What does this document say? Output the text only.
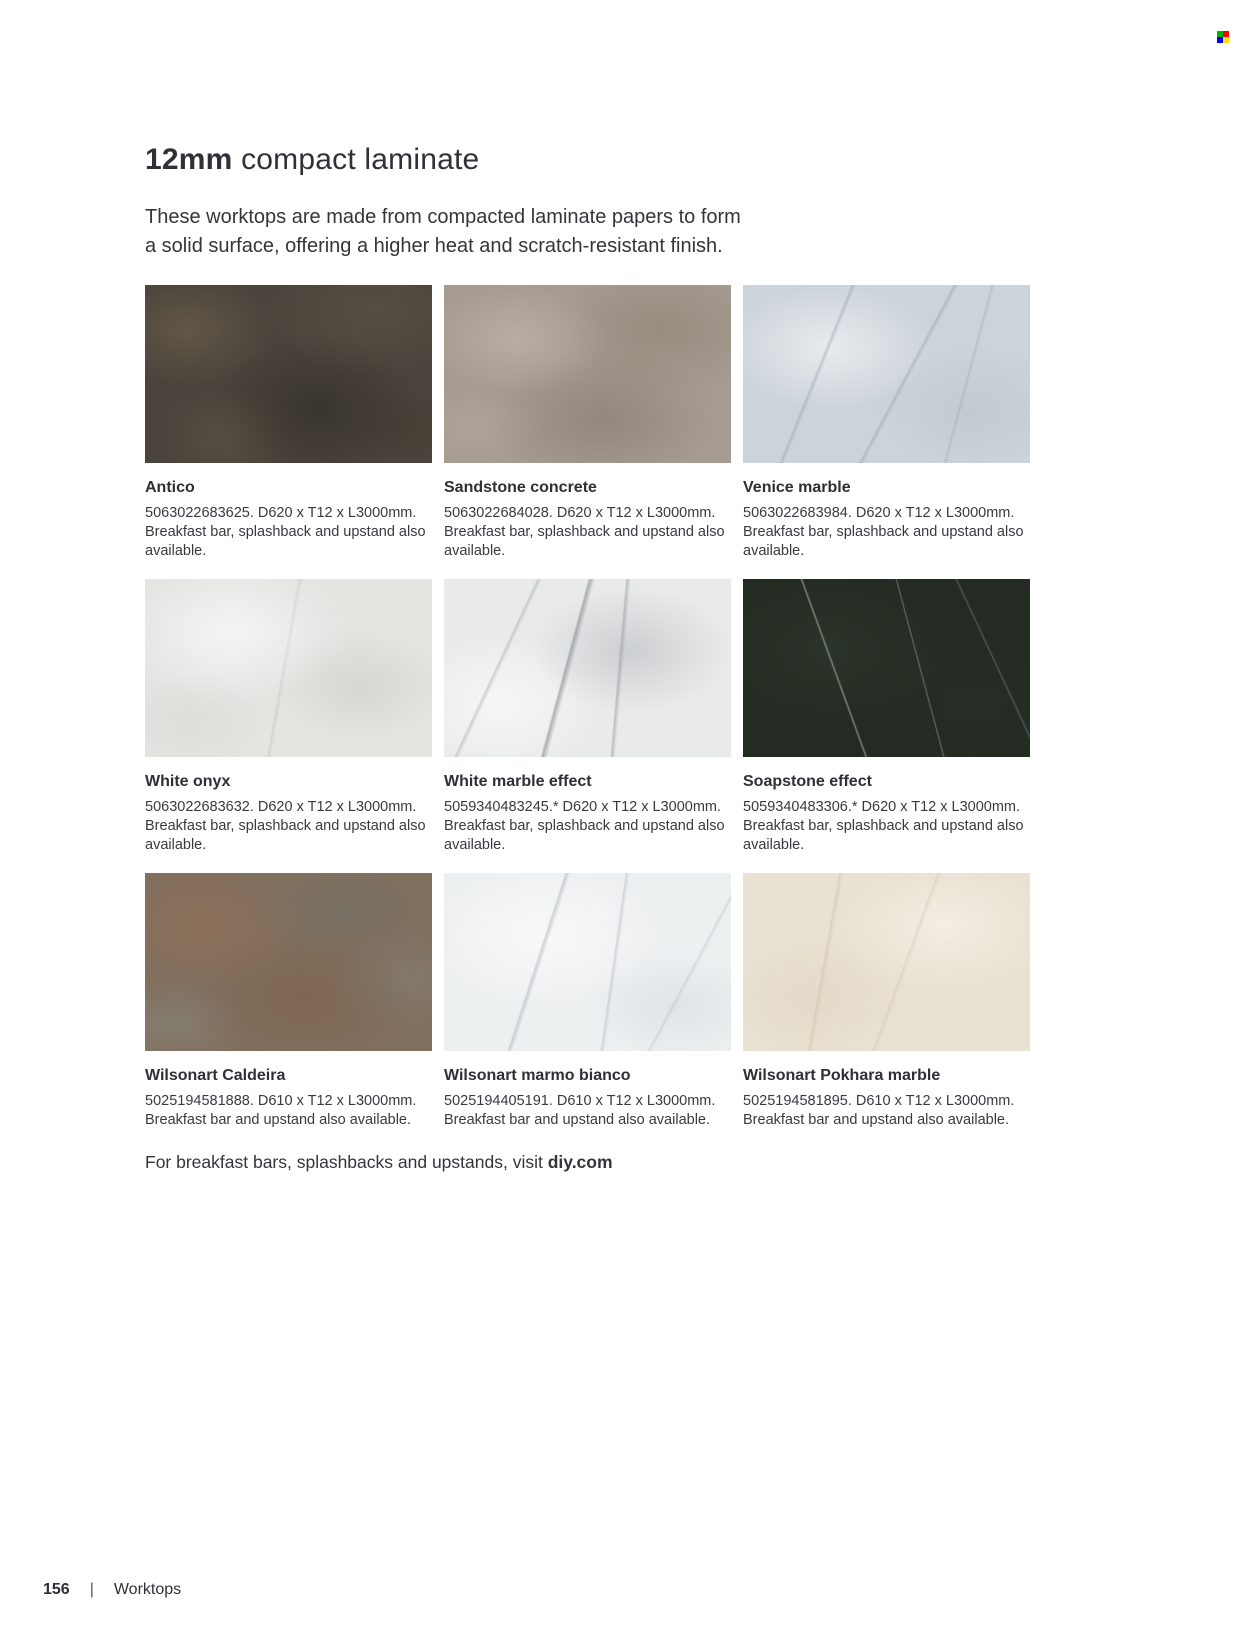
12mm compact laminate

These worktops are made from compacted laminate papers to form
a solid surface, offering a higher heat and scratch-resistant finish.

Antico
5063022683625. D620 x T12 x L3000mm. Breakfast bar, splashback and upstand also available.
Sandstone concrete
5063022684028. D620 x T12 x L3000mm. Breakfast bar, splashback and upstand also available.
Venice marble
5063022683984. D620 x T12 x L3000mm. Breakfast bar, splashback and upstand also available.
White onyx
5063022683632. D620 x T12 x L3000mm. Breakfast bar, splashback and upstand also available.
White marble effect
5059340483245.* D620 x T12 x L3000mm. Breakfast bar, splashback and upstand also available.
Soapstone effect
5059340483306.* D620 x T12 x L3000mm. Breakfast bar, splashback and upstand also available.
Wilsonart Caldeira
5025194581888. D610 x T12 x L3000mm. Breakfast bar and upstand also available.
Wilsonart marmo bianco
5025194405191. D610 x T12 x L3000mm. Breakfast bar and upstand also available.
Wilsonart Pokhara marble
5025194581895. D610 x T12 x L3000mm. Breakfast bar and upstand also available.

For breakfast bars, splashbacks and upstands, visit diy.com

156 | Worktops
